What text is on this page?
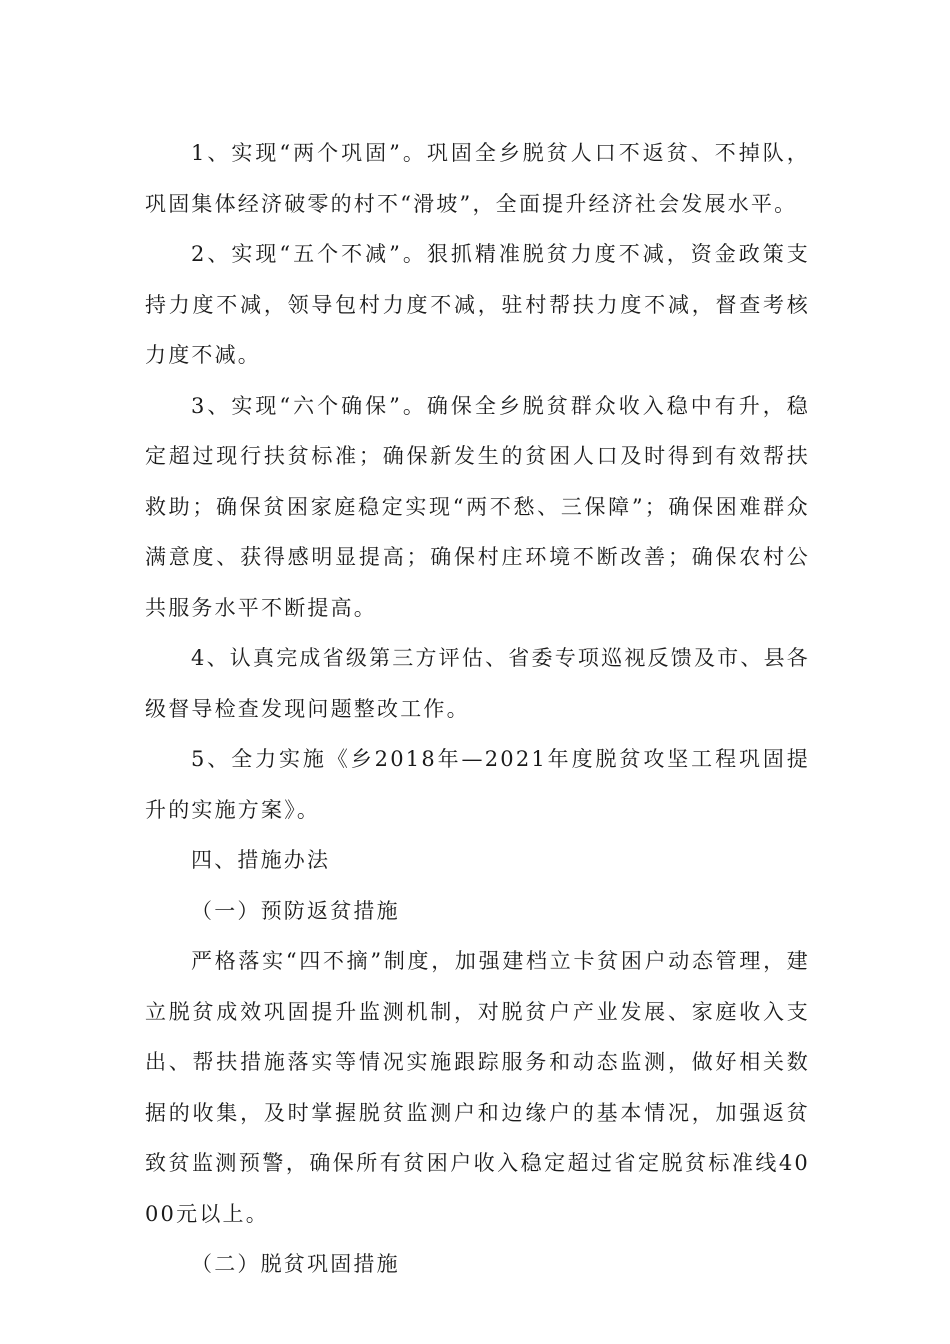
1、实现“两个巩固”。巩固全乡脱贫人口不返贫、不掉队，巩固集体经济破零的村不“滑坡”，全面提升经济社会发展水平。

2、实现“五个不减”。狠抓精准脱贫力度不减，资金政策支持力度不减，领导包村力度不减，驻村帮扶力度不减，督查考核力度不减。

3、实现“六个确保”。确保全乡脱贫群众收入稳中有升，稳定超过现行扶贫标准；确保新发生的贫困人口及时得到有效帮扶救助；确保贫困家庭稳定实现“两不愁、三保障”；确保困难群众满意度、获得感明显提高；确保村庄环境不断改善；确保农村公共服务水平不断提高。

4、认真完成省级第三方评估、省委专项巡视反馈及市、县各级督导检查发现问题整改工作。

5、全力实施《乡2018年—2021年度脱贫攻坚工程巩固提升的实施方案》。

四、措施办法

（一）预防返贫措施

严格落实“四不摘”制度，加强建档立卡贫困户动态管理，建立脱贫成效巩固提升监测机制，对脱贫户产业发展、家庭收入支出、帮扶措施落实等情况实施跟踪服务和动态监测，做好相关数据的收集，及时掌握脱贫监测户和边缘户的基本情况，加强返贫致贫监测预警，确保所有贫困户收入稳定超过省定脱贫标准线4000元以上。

（二）脱贫巩固措施
